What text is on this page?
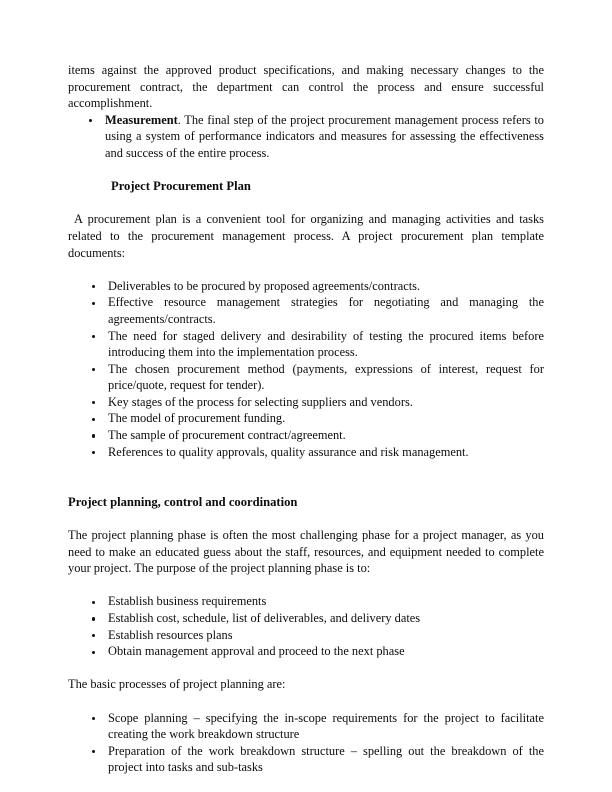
items against the approved product specifications, and making necessary changes to the procurement contract, the department can control the process and ensure successful accomplishment.

Measurement. The final step of the project procurement management process refers to using a system of performance indicators and measures for assessing the effectiveness and success of the entire process.
Project Procurement Plan

A procurement plan is a convenient tool for organizing and managing activities and tasks related to the procurement management process. A project procurement plan template documents:

Deliverables to be procured by proposed agreements/contracts.
Effective resource management strategies for negotiating and managing the agreements/contracts.
The need for staged delivery and desirability of testing the procured items before introducing them into the implementation process.
The chosen procurement method (payments, expressions of interest, request for price/quote, request for tender).
Key stages of the process for selecting suppliers and vendors.
The model of procurement funding.
The sample of procurement contract/agreement.
References to quality approvals, quality assurance and risk management.
Project planning, control and coordination

The project planning phase is often the most challenging phase for a project manager, as you need to make an educated guess about the staff, resources, and equipment needed to complete your project. The purpose of the project planning phase is to:

Establish business requirements
Establish cost, schedule, list of deliverables, and delivery dates
Establish resources plans
Obtain management approval and proceed to the next phase

The basic processes of project planning are:

Scope planning – specifying the in-scope requirements for the project to facilitate creating the work breakdown structure
Preparation of the work breakdown structure – spelling out the breakdown of the project into tasks and sub-tasks
